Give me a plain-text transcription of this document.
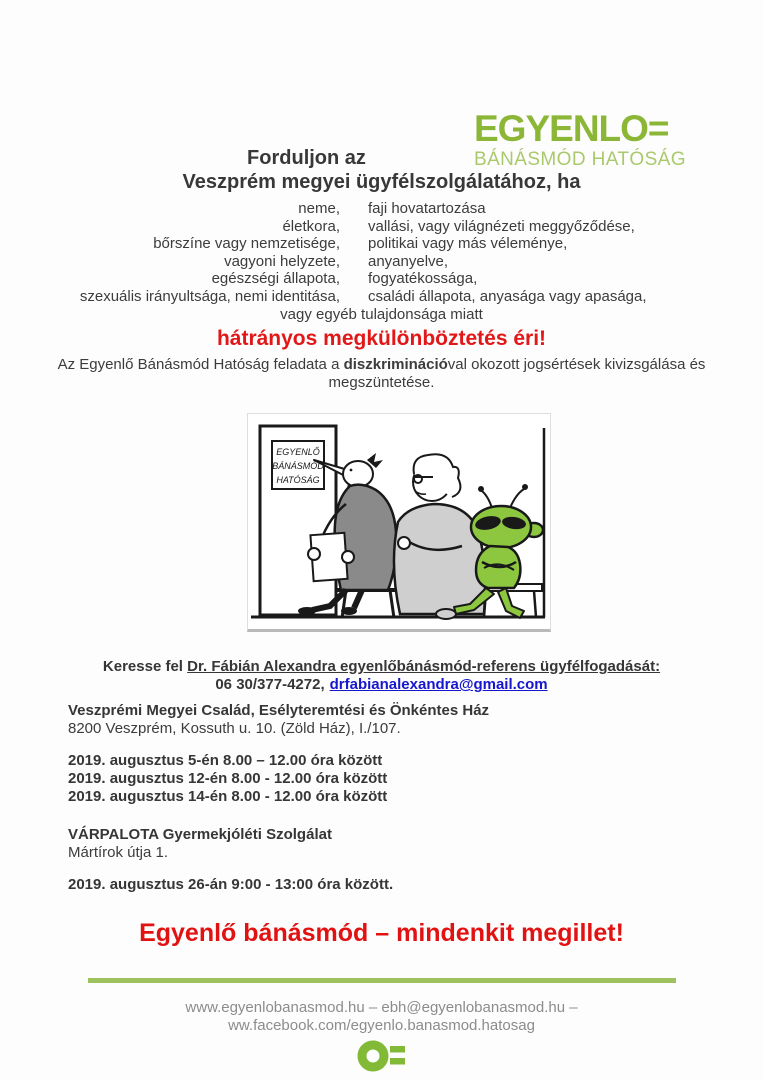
EGYENLO=
BÁNÁSMÓD HATÓSÁG
Forduljon az
Veszprém megyei ügyfélszolgálatához, ha
neme, faji hovatartozása
életkora, vallási, vagy világnézeti meggyőződése,
bőrszíne vagy nemzetisége, politikai vagy más véleménye,
vagyoni helyzete, anyanyelve,
egészségi állapota, fogyatékossága,
szexuális irányultsága, nemi identitása, családi állapota, anyasága vagy apasága,
vagy egyéb tulajdonsága miatt
hátrányos megkülönböztetés éri!
Az Egyenlő Bánásmód Hatóság feladata a diszkriminációval okozott jogsértések kivizsgálása és megszüntetése.
EGYENLŐ
BÁNÁSMÓD
HATÓSÁG
Keresse fel Dr. Fábián Alexandra egyenlőbánásmód-referens ügyfélfogadását:
06 30/377-4272, drfabianalexandra@gmail.com
Veszprémi Megyei Család, Esélyteremtési és Önkéntes Ház
8200 Veszprém, Kossuth u. 10. (Zöld Ház), I./107.
2019. augusztus 5-én 8.00 – 12.00 óra között
2019. augusztus 12-én 8.00 - 12.00 óra között
2019. augusztus 14-én 8.00 - 12.00 óra között
VÁRPALOTA Gyermekjóléti Szolgálat
Mártírok útja 1.
2019. augusztus 26-án 9:00 - 13:00 óra között.
Egyenlő bánásmód – mindenkit megillet!
www.egyenlobanasmod.hu – ebh@egyenlobanasmod.hu –
ww.facebook.com/egyenlo.banasmod.hatosag
